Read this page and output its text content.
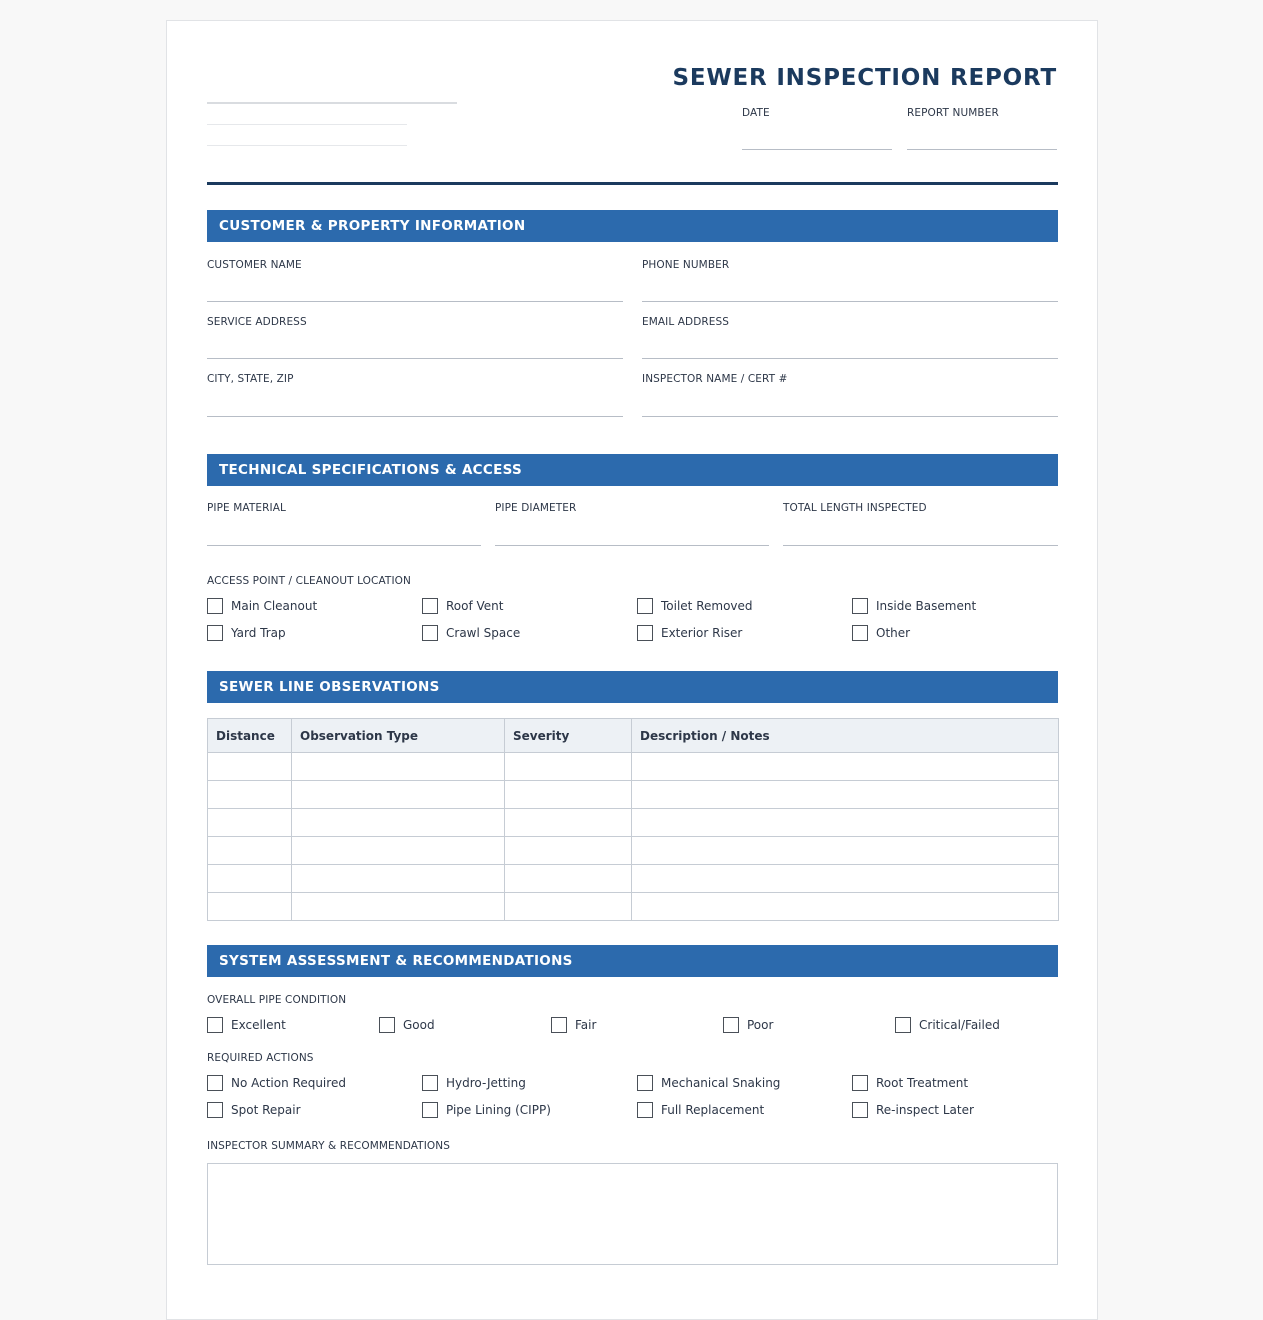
SEWER INSPECTION REPORT
DATE	REPORT NUMBER
CUSTOMER & PROPERTY INFORMATION
CUSTOMER NAME	PHONE NUMBER
SERVICE ADDRESS	EMAIL ADDRESS
CITY, STATE, ZIP	INSPECTOR NAME / CERT #
TECHNICAL SPECIFICATIONS & ACCESS
PIPE MATERIAL	PIPE DIAMETER	TOTAL LENGTH INSPECTED
ACCESS POINT / CLEANOUT LOCATION
Main Cleanout	Roof Vent	Toilet Removed	Inside Basement
Yard Trap	Crawl Space	Exterior Riser	Other
SEWER LINE OBSERVATIONS
Distance	Observation Type	Severity	Description / Notes

SYSTEM ASSESSMENT & RECOMMENDATIONS
OVERALL PIPE CONDITION
Excellent	Good	Fair	Poor	Critical/Failed
REQUIRED ACTIONS
No Action Required	Hydro-Jetting	Mechanical Snaking	Root Treatment
Spot Repair	Pipe Lining (CIPP)	Full Replacement	Re-inspect Later
INSPECTOR SUMMARY & RECOMMENDATIONS
